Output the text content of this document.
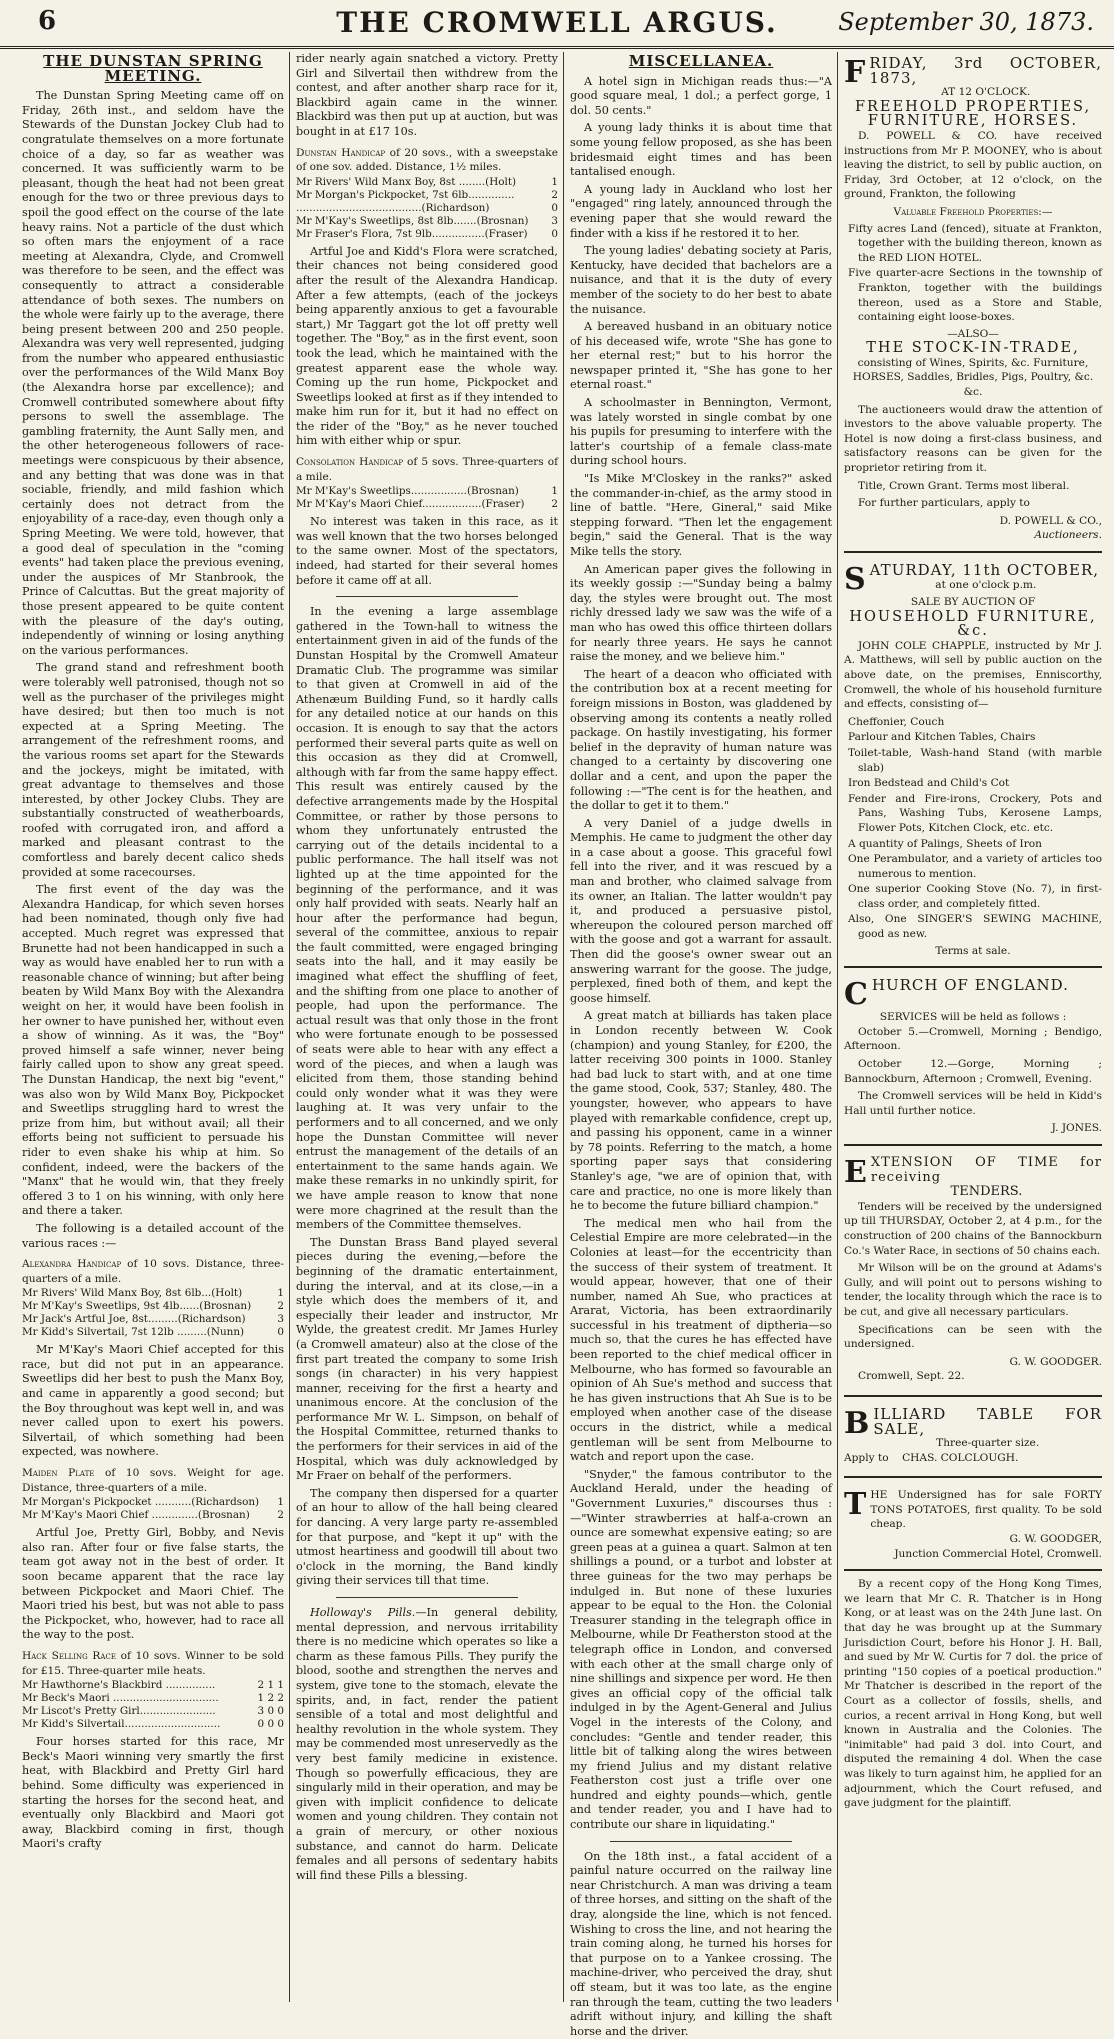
6	THE CROMWELL ARGUS.	September 30, 1873.
THE DUNSTAN SPRING MEETING.

The Dunstan Spring Meeting came off on Friday, 26th inst., and seldom have the Stewards of the Dunstan Jockey Club had to congratulate themselves on a more fortunate choice of a day, so far as weather was concerned. It was sufficiently warm to be pleasant, though the heat had not been great enough for the two or three previous days to spoil the good effect on the course of the late heavy rains. Not a particle of the dust which so often mars the enjoyment of a race meeting at Alexandra, Clyde, and Cromwell was therefore to be seen, and the effect was consequently to attract a considerable attendance of both sexes. The numbers on the whole were fairly up to the average, there being present between 200 and 250 people. Alexandra was very well represented, judging from the number who appeared enthusiastic over the performances of the Wild Manx Boy (the Alexandra horse par excellence); and Cromwell contributed somewhere about fifty persons to swell the assemblage. The gambling fraternity, the Aunt Sally men, and the other heterogeneous followers of race-meetings were conspicuous by their absence, and any betting that was done was in that sociable, friendly, and mild fashion which certainly does not detract from the enjoyability of a race-day, even though only a Spring Meeting. We were told, however, that a good deal of speculation in the "coming events" had taken place the previous evening, under the auspices of Mr Stanbrook, the Prince of Calcuttas. But the great majority of those present appeared to be quite content with the pleasure of the day's outing, independently of winning or losing anything on the various performances.

The grand stand and refreshment booth were tolerably well patronised, though not so well as the purchaser of the privileges might have desired; but then too much is not expected at a Spring Meeting. The arrangement of the refreshment rooms, and the various rooms set apart for the Stewards and the jockeys, might be imitated, with great advantage to themselves and those interested, by other Jockey Clubs. They are substantially constructed of weatherboards, roofed with corrugated iron, and afford a marked and pleasant contrast to the comfortless and barely decent calico sheds provided at some racecourses.

The first event of the day was the Alexandra Handicap, for which seven horses had been nominated, though only five had accepted. Much regret was expressed that Brunette had not been handicapped in such a way as would have enabled her to run with a reasonable chance of winning; but after being beaten by Wild Manx Boy with the Alexandra weight on her, it would have been foolish in her owner to have punished her, without even a show of winning. As it was, the "Boy" proved himself a safe winner, never being fairly called upon to show any great speed. The Dunstan Handicap, the next big "event," was also won by Wild Manx Boy, Pickpocket and Sweetlips struggling hard to wrest the prize from him, but without avail; all their efforts being not sufficient to persuade his rider to even shake his whip at him. So confident, indeed, were the backers of the "Manx" that he would win, that they freely offered 3 to 1 on his winning, with only here and there a taker.

The following is a detailed account of the various races :—

Alexandra Handicap of 10 sovs. Distance, three-quarters of a mile.
Mr Rivers' Wild Manx Boy, 8st 6lb...(Holt)	1
Mr M'Kay's Sweetlips, 9st 4lb......(Brosnan)	2
Mr Jack's Artful Joe, 8st.........(Richardson)	3
Mr Kidd's Silvertail, 7st 12lb .........(Nunn)	0

Mr M'Kay's Maori Chief accepted for this race, but did not put in an appearance. Sweetlips did her best to push the Manx Boy, and came in apparently a good second; but the Boy throughout was kept well in, and was never called upon to exert his powers. Silvertail, of which something had been expected, was nowhere.

Maiden Plate of 10 sovs. Weight for age. Distance, three-quarters of a mile.
Mr Morgan's Pickpocket ...........(Richardson)	1
Mr M'Kay's Maori Chief ..............(Brosnan)	2

Artful Joe, Pretty Girl, Bobby, and Nevis also ran. After four or five false starts, the team got away not in the best of order. It soon became apparent that the race lay between Pickpocket and Maori Chief. The Maori tried his best, but was not able to pass the Pickpocket, who, however, had to race all the way to the post.

Hack Selling Race of 10 sovs. Winner to be sold for £15. Three-quarter mile heats.
Mr Hawthorne's Blackbird ...............	2 1 1
Mr Beck's Maori ................................	1 2 2
Mr Liscot's Pretty Girl.......................	3 0 0
Mr Kidd's Silvertail.............................	0 0 0

Four horses started for this race, Mr Beck's Maori winning very smartly the first heat, with Blackbird and Pretty Girl hard behind. Some difficulty was experienced in starting the horses for the second heat, and eventually only Blackbird and Maori got away, Blackbird coming in first, though Maori's crafty

rider nearly again snatched a victory. Pretty Girl and Silvertail then withdrew from the contest, and after another sharp race for it, Blackbird again came in the winner. Blackbird was then put up at auction, but was bought in at £17 10s.

Dunstan Handicap of 20 sovs., with a sweepstake of one sov. added. Distance, 1½ miles.
Mr Rivers' Wild Manx Boy, 8st ........(Holt)	1
Mr Morgan's Pickpocket, 7st 6lb..............	2
......................................(Richardson)	0
Mr M'Kay's Sweetlips, 8st 8lb.......(Brosnan)	3
Mr Fraser's Flora, 7st 9lb................(Fraser)	0

Artful Joe and Kidd's Flora were scratched, their chances not being considered good after the result of the Alexandra Handicap. After a few attempts, (each of the jockeys being apparently anxious to get a favourable start,) Mr Taggart got the lot off pretty well together. The "Boy," as in the first event, soon took the lead, which he maintained with the greatest apparent ease the whole way. Coming up the run home, Pickpocket and Sweetlips looked at first as if they intended to make him run for it, but it had no effect on the rider of the "Boy," as he never touched him with either whip or spur.

Consolation Handicap of 5 sovs. Three-quarters of a mile.
Mr M'Kay's Sweetlips.................(Brosnan)	1
Mr M'Kay's Maori Chief..................(Fraser)	2

No interest was taken in this race, as it was well known that the two horses belonged to the same owner. Most of the spectators, indeed, had started for their several homes before it came off at all.

In the evening a large assemblage gathered in the Town-hall to witness the entertainment given in aid of the funds of the Dunstan Hospital by the Cromwell Amateur Dramatic Club. The programme was similar to that given at Cromwell in aid of the Athenæum Building Fund, so it hardly calls for any detailed notice at our hands on this occasion. It is enough to say that the actors performed their several parts quite as well on this occasion as they did at Cromwell, although with far from the same happy effect. This result was entirely caused by the defective arrangements made by the Hospital Committee, or rather by those persons to whom they unfortunately entrusted the carrying out of the details incidental to a public performance. The hall itself was not lighted up at the time appointed for the beginning of the performance, and it was only half provided with seats. Nearly half an hour after the performance had begun, several of the committee, anxious to repair the fault committed, were engaged bringing seats into the hall, and it may easily be imagined what effect the shuffling of feet, and the shifting from one place to another of people, had upon the performance. The actual result was that only those in the front who were fortunate enough to be possessed of seats were able to hear with any effect a word of the pieces, and when a laugh was elicited from them, those standing behind could only wonder what it was they were laughing at. It was very unfair to the performers and to all concerned, and we only hope the Dunstan Committee will never entrust the management of the details of an entertainment to the same hands again. We make these remarks in no unkindly spirit, for we have ample reason to know that none were more chagrined at the result than the members of the Committee themselves.

The Dunstan Brass Band played several pieces during the evening,—before the beginning of the dramatic entertainment, during the interval, and at its close,—in a style which does the members of it, and especially their leader and instructor, Mr Wylde, the greatest credit. Mr James Hurley (a Cromwell amateur) also at the close of the first part treated the company to some Irish songs (in character) in his very happiest manner, receiving for the first a hearty and unanimous encore. At the conclusion of the performance Mr W. L. Simpson, on behalf of the Hospital Committee, returned thanks to the performers for their services in aid of the Hospital, which was duly acknowledged by Mr Fraer on behalf of the performers.

The company then dispersed for a quarter of an hour to allow of the hall being cleared for dancing. A very large party re-assembled for that purpose, and "kept it up" with the utmost heartiness and goodwill till about two o'clock in the morning, the Band kindly giving their services till that time.

Holloway's Pills.—In general debility, mental depression, and nervous irritability there is no medicine which operates so like a charm as these famous Pills. They purify the blood, soothe and strengthen the nerves and system, give tone to the stomach, elevate the spirits, and, in fact, render the patient sensible of a total and most delightful and healthy revolution in the whole system. They may be commended most unreservedly as the very best family medicine in existence. Though so powerfully efficacious, they are singularly mild in their operation, and may be given with implicit confidence to delicate women and young children. They contain not a grain of mercury, or other noxious substance, and cannot do harm. Delicate females and all persons of sedentary habits will find these Pills a blessing.

MISCELLANEA.

A hotel sign in Michigan reads thus:—"A good square meal, 1 dol.; a perfect gorge, 1 dol. 50 cents."

A young lady thinks it is about time that some young fellow proposed, as she has been bridesmaid eight times and has been tantalised enough.

A young lady in Auckland who lost her "engaged" ring lately, announced through the evening paper that she would reward the finder with a kiss if he restored it to her.

The young ladies' debating society at Paris, Kentucky, have decided that bachelors are a nuisance, and that it is the duty of every member of the society to do her best to abate the nuisance.

A bereaved husband in an obituary notice of his deceased wife, wrote "She has gone to her eternal rest;" but to his horror the newspaper printed it, "She has gone to her eternal roast."

A schoolmaster in Bennington, Vermont, was lately worsted in single combat by one his pupils for presuming to interfere with the latter's courtship of a female class-mate during school hours.

"Is Mike M'Closkey in the ranks?" asked the commander-in-chief, as the army stood in line of battle. "Here, Gineral," said Mike stepping forward. "Then let the engagement begin," said the General. That is the way Mike tells the story.

An American paper gives the following in its weekly gossip :—"Sunday being a balmy day, the styles were brought out. The most richly dressed lady we saw was the wife of a man who has owed this office thirteen dollars for nearly three years. He says he cannot raise the money, and we believe him."

The heart of a deacon who officiated with the contribution box at a recent meeting for foreign missions in Boston, was gladdened by observing among its contents a neatly rolled package. On hastily investigating, his former belief in the depravity of human nature was changed to a certainty by discovering one dollar and a cent, and upon the paper the following :—"The cent is for the heathen, and the dollar to get it to them."

A very Daniel of a judge dwells in Memphis. He came to judgment the other day in a case about a goose. This graceful fowl fell into the river, and it was rescued by a man and brother, who claimed salvage from its owner, an Italian. The latter wouldn't pay it, and produced a persuasive pistol, whereupon the coloured person marched off with the goose and got a warrant for assault. Then did the goose's owner swear out an answering warrant for the goose. The judge, perplexed, fined both of them, and kept the goose himself.

A great match at billiards has taken place in London recently between W. Cook (champion) and young Stanley, for £200, the latter receiving 300 points in 1000. Stanley had bad luck to start with, and at one time the game stood, Cook, 537; Stanley, 480. The youngster, however, who appears to have played with remarkable confidence, crept up, and passing his opponent, came in a winner by 78 points. Referring to the match, a home sporting paper says that considering Stanley's age, "we are of opinion that, with care and practice, no one is more likely than he to become the future billiard champion."

The medical men who hail from the Celestial Empire are more celebrated—in the Colonies at least—for the eccentricity than the success of their system of treatment. It would appear, however, that one of their number, named Ah Sue, who practices at Ararat, Victoria, has been extraordinarily successful in his treatment of diptheria—so much so, that the cures he has effected have been reported to the chief medical officer in Melbourne, who has formed so favourable an opinion of Ah Sue's method and success that he has given instructions that Ah Sue is to be employed when another case of the disease occurs in the district, while a medical gentleman will be sent from Melbourne to watch and report upon the case.

"Snyder," the famous contributor to the Auckland Herald, under the heading of "Government Luxuries," discourses thus :—"Winter strawberries at half-a-crown an ounce are somewhat expensive eating; so are green peas at a guinea a quart. Salmon at ten shillings a pound, or a turbot and lobster at three guineas for the two may perhaps be indulged in. But none of these luxuries appear to be equal to the Hon. the Colonial Treasurer standing in the telegraph office in Melbourne, while Dr Featherston stood at the telegraph office in London, and conversed with each other at the small charge only of nine shillings and sixpence per word. He then gives an official copy of the official talk indulged in by the Agent-General and Julius Vogel in the interests of the Colony, and concludes: "Gentle and tender reader, this little bit of talking along the wires between my friend Julius and my distant relative Featherston cost just a trifle over one hundred and eighty pounds—which, gentle and tender reader, you and I have had to contribute our share in liquidating."

On the 18th inst., a fatal accident of a painful nature occurred on the railway line near Christchurch. A man was driving a team of three horses, and sitting on the shaft of the dray, alongside the line, which is not fenced. Wishing to cross the line, and not hearing the train coming along, he turned his horses for that purpose on to a Yankee crossing. The machine-driver, who perceived the dray, shut off steam, but it was too late, as the engine ran through the team, cutting the two leaders adrift without injury, and killing the shaft horse and the driver.

F RIDAY, 3rd OCTOBER, 1873,
AT 12 O'CLOCK.
FREEHOLD PROPERTIES,
FURNITURE, HORSES.

D. POWELL & CO. have received instructions from Mr P. MOONEY, who is about leaving the district, to sell by public auction, on Friday, 3rd October, at 12 o'clock, on the ground, Frankton, the following

Valuable Freehold Properties:—
Fifty acres Land (fenced), situate at Frankton, together with the building thereon, known as the RED LION HOTEL.
Five quarter-acre Sections in the township of Frankton, together with the buildings thereon, used as a Store and Stable, containing eight loose-boxes.
—ALSO—
THE STOCK-IN-TRADE,

consisting of Wines, Spirits, &c. Furniture, HORSES, Saddles, Bridles, Pigs, Poultry, &c. &c.

The auctioneers would draw the attention of investors to the above valuable property. The Hotel is now doing a first-class business, and satisfactory reasons can be given for the proprietor retiring from it.

Title, Crown Grant. Terms most liberal.

For further particulars, apply to

D. POWELL & CO.,
Auctioneers.
S ATURDAY, 11th OCTOBER,
at one o'clock p.m.
SALE BY AUCTION OF
HOUSEHOLD FURNITURE, &c.

JOHN COLE CHAPPLE, instructed by Mr J. A. Matthews, will sell by public auction on the above date, on the premises, Enniscorthy, Cromwell, the whole of his household furniture and effects, consisting of—

Cheffonier, Couch
Parlour and Kitchen Tables, Chairs
Toilet-table, Wash-hand Stand (with marble slab)
Iron Bedstead and Child's Cot
Fender and Fire-irons, Crockery, Pots and Pans, Washing Tubs, Kerosene Lamps, Flower Pots, Kitchen Clock, etc. etc.
A quantity of Palings, Sheets of Iron
One Perambulator, and a variety of articles too numerous to mention.
One superior Cooking Stove (No. 7), in first-class order, and completely fitted.
Also, One SINGER'S SEWING MACHINE, good as new.
Terms at sale.
C HURCH OF ENGLAND.
SERVICES will be held as follows :

October 5.—Cromwell, Morning ; Bendigo, Afternoon.

October 12.—Gorge, Morning ; Bannockburn, Afternoon ; Cromwell, Evening.

The Cromwell services will be held in Kidd's Hall until further notice.

J. JONES.
E XTENSION OF TIME for receiving
TENDERS.

Tenders will be received by the undersigned up till THURSDAY, October 2, at 4 p.m., for the construction of 200 chains of the Bannockburn Co.'s Water Race, in sections of 50 chains each.

Mr Wilson will be on the ground at Adams's Gully, and will point out to persons wishing to tender, the locality through which the race is to be cut, and give all necessary particulars.

Specifications can be seen with the undersigned.

G. W. GOODGER.

Cromwell, Sept. 22.

B ILLIARD TABLE FOR SALE,
Three-quarter size.

Apply to CHAS. COLCLOUGH.

T HE Undersigned has for sale FORTY TONS POTATOES, first quality. To be sold cheap.
G. W. GOODGER,
Junction Commercial Hotel, Cromwell.

By a recent copy of the Hong Kong Times, we learn that Mr C. R. Thatcher is in Hong Kong, or at least was on the 24th June last. On that day he was brought up at the Summary Jurisdiction Court, before his Honor J. H. Ball, and sued by Mr W. Curtis for 7 dol. the price of printing "150 copies of a poetical production." Mr Thatcher is described in the report of the Court as a collector of fossils, shells, and curios, a recent arrival in Hong Kong, but well known in Australia and the Colonies. The "inimitable" had paid 3 dol. into Court, and disputed the remaining 4 dol. When the case was likely to turn against him, he applied for an adjournment, which the Court refused, and gave judgment for the plaintiff.
